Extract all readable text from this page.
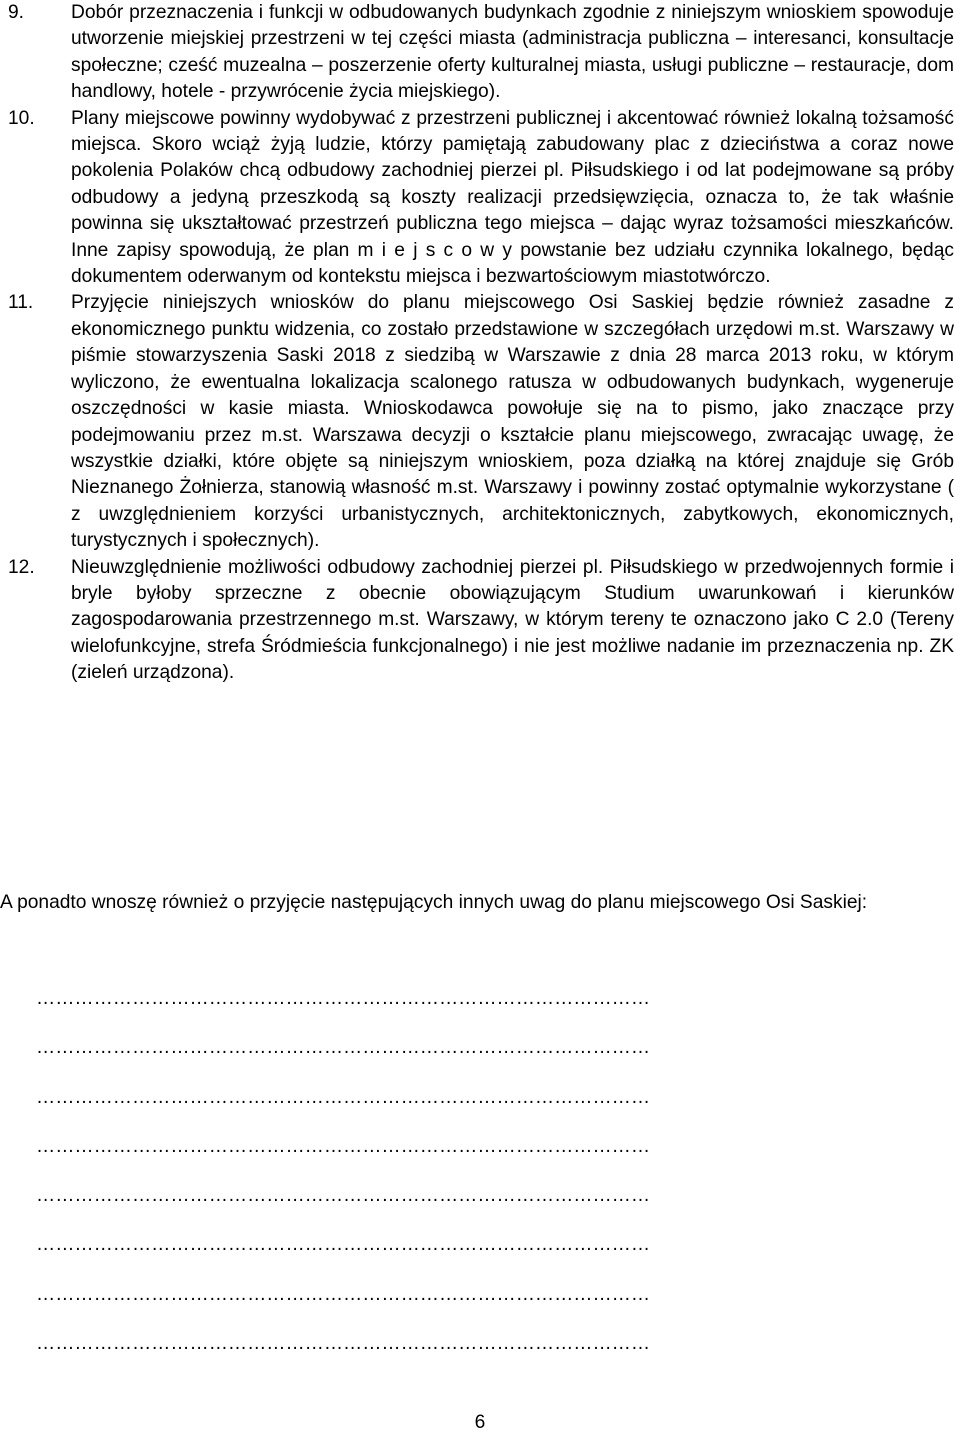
9. Dobór przeznaczenia i funkcji w odbudowanych budynkach zgodnie z niniejszym wnioskiem spowoduje utworzenie miejskiej przestrzeni w tej części miasta (administracja publiczna – interesanci, konsultacje społeczne; cześć muzealna – poszerzenie oferty kulturalnej miasta, usługi publiczne – restauracje, dom handlowy, hotele - przywrócenie życia miejskiego).
10. Plany miejscowe powinny wydobywać z przestrzeni publicznej i akcentować również lokalną tożsamość miejsca. Skoro wciąż żyją ludzie, którzy pamiętają zabudowany plac z dzieciństwa a coraz nowe pokolenia Polaków chcą odbudowy zachodniej pierzei pl. Piłsudskiego i od lat podejmowane są próby odbudowy a jedyną przeszkodą są koszty realizacji przedsięwzięcia, oznacza to, że tak właśnie powinna się ukształtować przestrzeń publiczna tego miejsca – dając wyraz tożsamości mieszkańców. Inne zapisy spowodują, że plan m i e j s c o w y powstanie bez udziału czynnika lokalnego, będąc dokumentem oderwanym od kontekstu miejsca i bezwartościowym miastotwórczo.
11. Przyjęcie niniejszych wniosków do planu miejscowego Osi Saskiej będzie również zasadne z ekonomicznego punktu widzenia, co zostało przedstawione w szczegółach urzędowi m.st. Warszawy w piśmie stowarzyszenia Saski 2018 z siedzibą w Warszawie z dnia 28 marca 2013 roku, w którym wyliczono, że ewentualna lokalizacja scalonego ratusza w odbudowanych budynkach, wygeneruje oszczędności w kasie miasta. Wnioskodawca powołuje się na to pismo, jako znaczące przy podejmowaniu przez m.st. Warszawa decyzji o kształcie planu miejscowego, zwracając uwagę, że wszystkie działki, które objęte są niniejszym wnioskiem, poza działką na której znajduje się Grób Nieznanego Żołnierza, stanowią własność m.st. Warszawy i powinny zostać optymalnie wykorzystane ( z uwzględnieniem korzyści urbanistycznych, architektonicznych, zabytkowych, ekonomicznych, turystycznych i społecznych).
12. Nieuwzględnienie możliwości odbudowy zachodniej pierzei pl. Piłsudskiego w przedwojennych formie i bryle byłoby sprzeczne z obecnie obowiązującym Studium uwarunkowań i kierunków zagospodarowania przestrzennego m.st. Warszawy, w którym tereny te oznaczono jako C 2.0 (Tereny wielofunkcyjne, strefa Śródmieścia funkcjonalnego) i nie jest możliwe nadanie im przeznaczenia np. ZK (zieleń urządzona).
A ponadto wnoszę również o przyjęcie następujących innych uwag do planu miejscowego Osi Saskiej:
……………………………………………………………………………………
……………………………………………………………………………………
……………………………………………………………………………………
……………………………………………………………………………………
……………………………………………………………………………………
……………………………………………………………………………………
……………………………………………………………………………………
……………………………………………………………………………………
6
